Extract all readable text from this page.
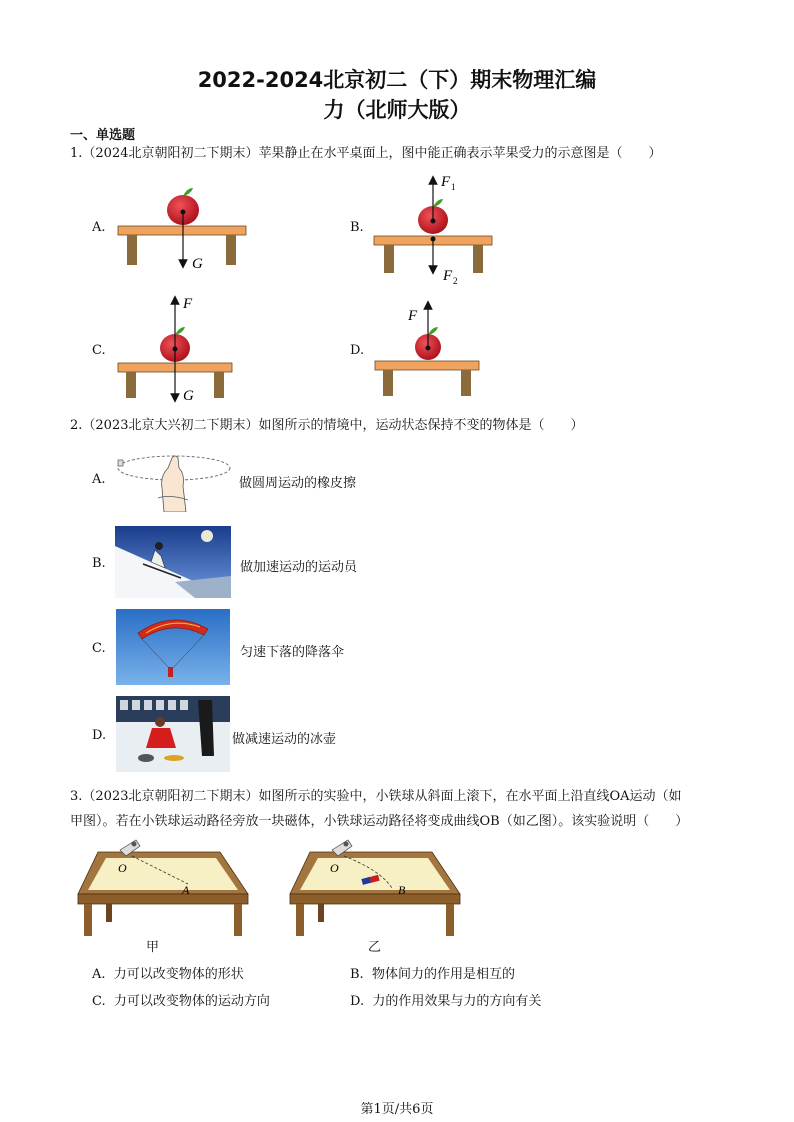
2022-2024北京初二（下）期末物理汇编
力（北师大版）
一、单选题
1.（2024北京朝阳初二下期末）苹果静止在水平桌面上，图中能正确表示苹果受力的示意图是（　　）
A.	B.
C.	D.
G
F 1
F 2
F
G
F
2.（2023北京大兴初二下期末）如图所示的情境中，运动状态保持不变的物体是（　　）
A.	做圆周运动的橡皮擦
B.	做加速运动的运动员
C.	匀速下落的降落伞
D.	做减速运动的冰壶
3.（2023北京朝阳初二下期末）如图所示的实验中，小铁球从斜面上滚下，在水平面上沿直线OA运动（如
甲图）。若在小铁球运动路径旁放一块磁体，小铁球运动路径将变成曲线OB（如乙图）。该实验说明（　　）
O
A
O
B
甲	乙
A. 力可以改变物体的形状	B. 物体间力的作用是相互的
C. 力可以改变物体的运动方向	D. 力的作用效果与力的方向有关
第1页/共6页
